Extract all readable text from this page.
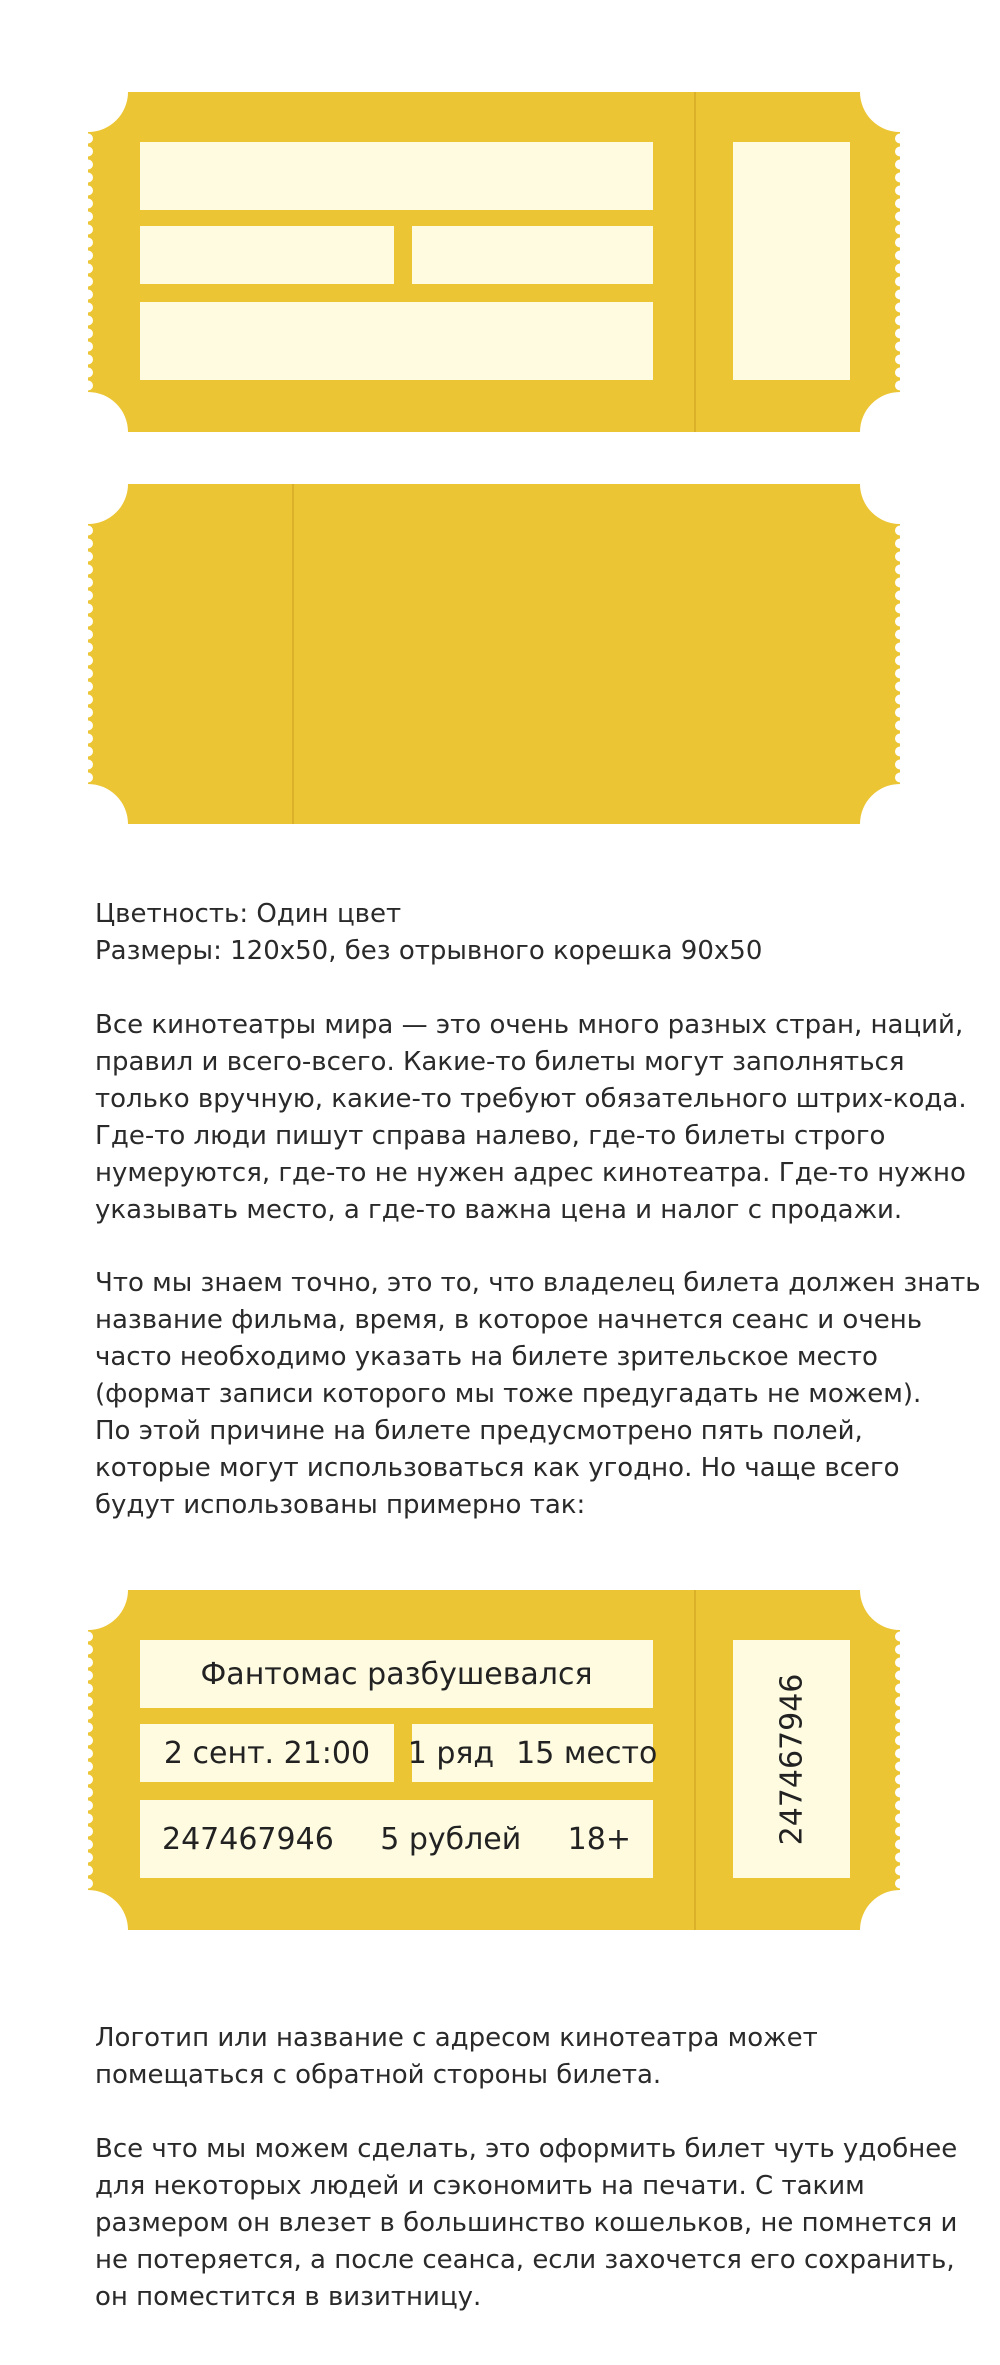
Цветность: Один цвет
Размеры: 120x50, без отрывного корешка 90x50
Все кинотеатры мира — это очень много разных стран, наций,
правил и всего-всего. Какие-то билеты могут заполняться
только вручную, какие-то требуют обязательного штрих-кода.
Где-то люди пишут справа налево, где-то билеты строго
нумеруются, где-то не нужен адрес кинотеатра. Где-то нужно
указывать место, а где-то важна цена и налог с продажи.
Что мы знаем точно, это то, что владелец билета должен знать
название фильма, время, в которое начнется сеанс и очень
часто необходимо указать на билете зрительское место
(формат записи которого мы тоже предугадать не можем).
По этой причине на билете предусмотрено пять полей,
которые могут использоваться как угодно. Но чаще всего
будут использованы примерно так:
Фантомас разбушевался
2 сент. 21:00 1 ряд 15 место
247467946 5 рублей 18+	247467946
Логотип или название с адресом кинотеатра может
помещаться с обратной стороны билета.
Все что мы можем сделать, это оформить билет чуть удобнее
для некоторых людей и сэкономить на печати. С таким
размером он влезет в большинство кошельков, не помнется и
не потеряется, а после сеанса, если захочется его сохранить,
он поместится в визитницу.
